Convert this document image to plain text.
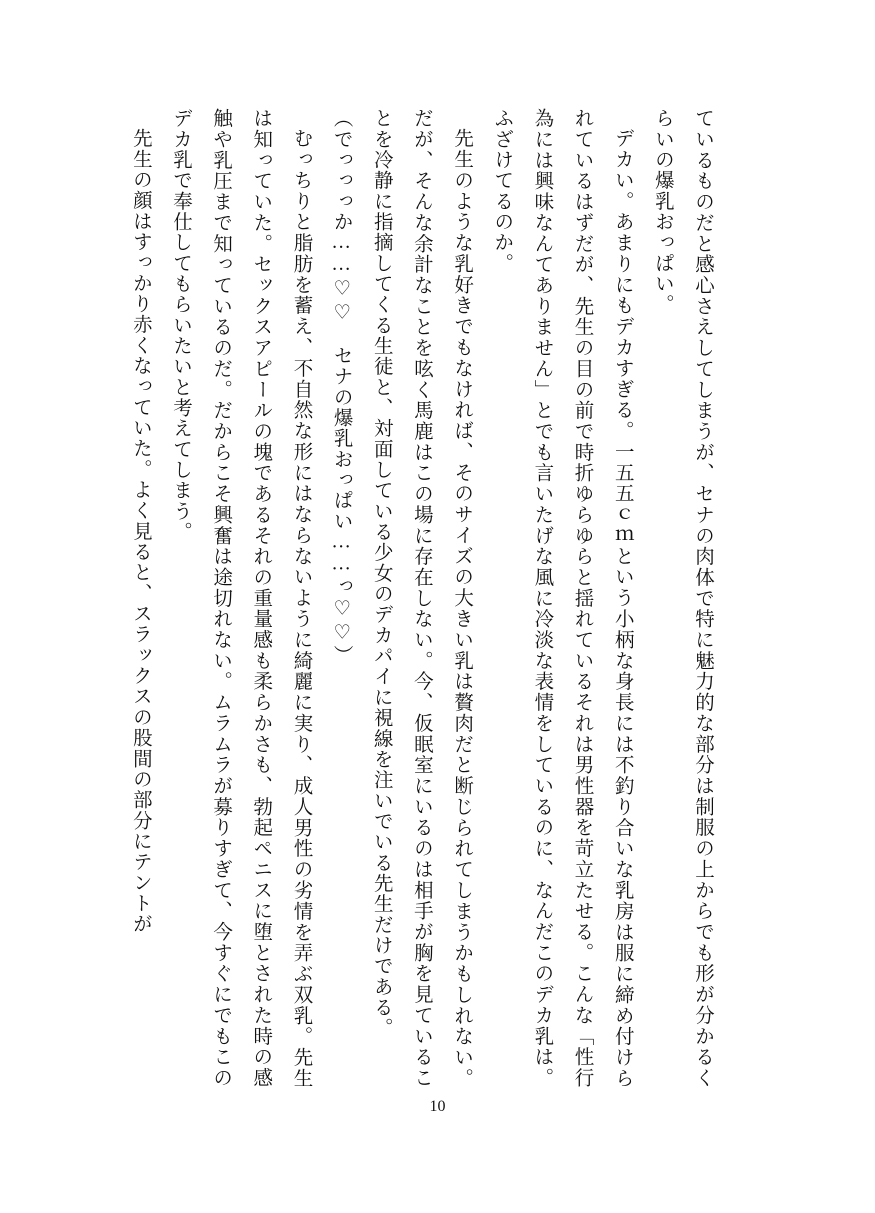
ているものだと感心さえしてしまうが、セナの肉体で特に魅力的な部分は制服の上からでも形が分かるくらいの爆乳おっぱい。

デカい。あまりにもデカすぎる。一五五ｃｍという小柄な身長には不釣り合いな乳房は服に締め付けられているはずだが、先生の目の前で時折ゆらゆらと揺れているそれは男性器を苛立たせる。こんな「性行為には興味なんてありません」とでも言いたげな風に冷淡な表情をしているのに、なんだこのデカ乳は。ふざけてるのか。

先生のような乳好きでもなければ、そのサイズの大きい乳は贅肉だと断じられてしまうかもしれない。だが、そんな余計なことを呟く馬鹿はこの場に存在しない。今、仮眠室にいるのは相手が胸を見ていることを冷静に指摘してくる生徒と、対面している少女のデカパイに視線を注いでいる先生だけである。

（でっっっか……♡♡　セナの爆乳おっぱい……っ♡♡）

むっちりと脂肪を蓄え、不自然な形にはならないように綺麗に実り、成人男性の劣情を弄ぶ双乳。先生は知っていた。セックスアピールの塊であるそれの重量感も柔らかさも、勃起ペニスに堕とされた時の感触や乳圧まで知っているのだ。だからこそ興奮は途切れない。ムラムラが募りすぎて、今すぐにでもこのデカ乳で奉仕してもらいたいと考えてしまう。

先生の顔はすっかり赤くなっていた。よく見ると、スラックスの股間の部分にテントが

10
